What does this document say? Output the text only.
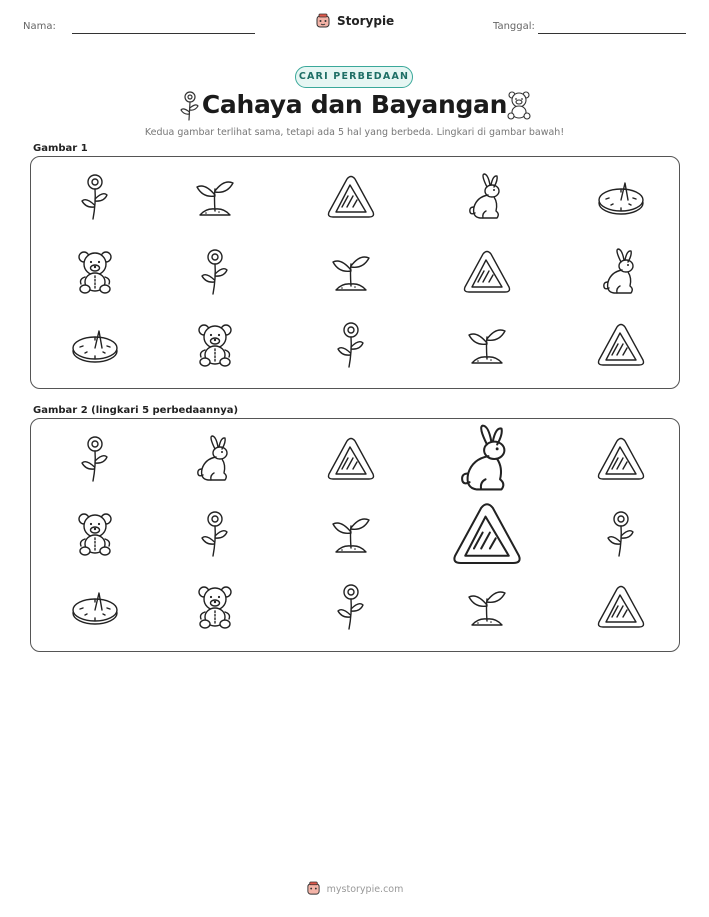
Nama:	Storypie	Tanggal:
CARI PERBEDAAN
Cahaya dan Bayangan
Kedua gambar terlihat sama, tetapi ada 5 hal yang berbeda. Lingkari di gambar bawah!
Gambar 1
Gambar 2 (lingkari 5 perbedaannya)
mystorypie.com
